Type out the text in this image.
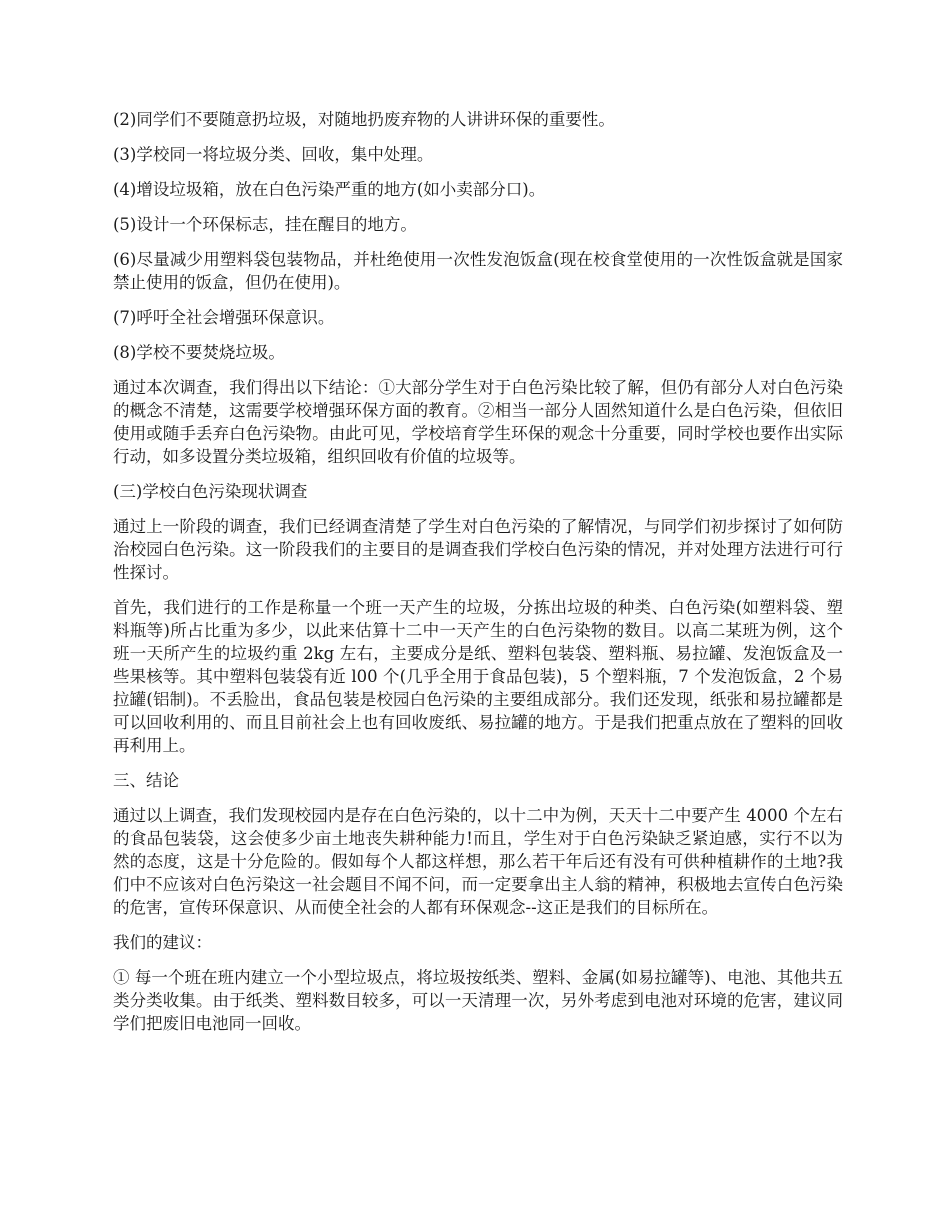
(2)同学们不要随意扔垃圾，对随地扔废弃物的人讲讲环保的重要性。

(3)学校同一将垃圾分类、回收，集中处理。

(4)增设垃圾箱，放在白色污染严重的地方(如小卖部分口)。

(5)设计一个环保标志，挂在醒目的地方。

(6)尽量减少用塑料袋包装物品，并杜绝使用一次性发泡饭盒(现在校食堂使用的一次性饭盒就是国家禁止使用的饭盒，但仍在使用)。

(7)呼吁全社会增强环保意识。

(8)学校不要焚烧垃圾。

通过本次调查，我们得出以下结论：①大部分学生对于白色污染比较了解，但仍有部分人对白色污染的概念不清楚，这需要学校增强环保方面的教育。②相当一部分人固然知道什么是白色污染，但依旧使用或随手丢弃白色污染物。由此可见，学校培育学生环保的观念十分重要，同时学校也要作出实际行动，如多设置分类垃圾箱，组织回收有价值的垃圾等。

(三)学校白色污染现状调查

通过上一阶段的调查，我们已经调查清楚了学生对白色污染的了解情况，与同学们初步探讨了如何防治校园白色污染。这一阶段我们的主要目的是调查我们学校白色污染的情况，并对处理方法进行可行性探讨。

首先，我们进行的工作是称量一个班一天产生的垃圾，分拣出垃圾的种类、白色污染(如塑料袋、塑料瓶等)所占比重为多少，以此来估算十二中一天产生的白色污染物的数目。以高二某班为例，这个班一天所产生的垃圾约重 2kg 左右，主要成分是纸、塑料包装袋、塑料瓶、易拉罐、发泡饭盒及一些果核等。其中塑料包装袋有近 l00 个(几乎全用于食品包装)，5 个塑料瓶，7 个发泡饭盒，2 个易拉罐(铝制)。不丢脸出，食品包装是校园白色污染的主要组成部分。我们还发现，纸张和易拉罐都是可以回收利用的、而且目前社会上也有回收废纸、易拉罐的地方。于是我们把重点放在了塑料的回收再利用上。

三、结论

通过以上调查，我们发现校园内是存在白色污染的，以十二中为例，天天十二中要产生 4000 个左右的食品包装袋，这会使多少亩土地丧失耕种能力!而且，学生对于白色污染缺乏紧迫感，实行不以为然的态度，这是十分危险的。假如每个人都这样想，那么若干年后还有没有可供种植耕作的土地?我们中不应该对白色污染这一社会题目不闻不问，而一定要拿出主人翁的精神，积极地去宣传白色污染的危害，宣传环保意识、从而使全社会的人都有环保观念--这正是我们的目标所在。

我们的建议：

① 每一个班在班内建立一个小型垃圾点，将垃圾按纸类、塑料、金属(如易拉罐等)、电池、其他共五类分类收集。由于纸类、塑料数目较多，可以一天清理一次，另外考虑到电池对环境的危害，建议同学们把废旧电池同一回收。
